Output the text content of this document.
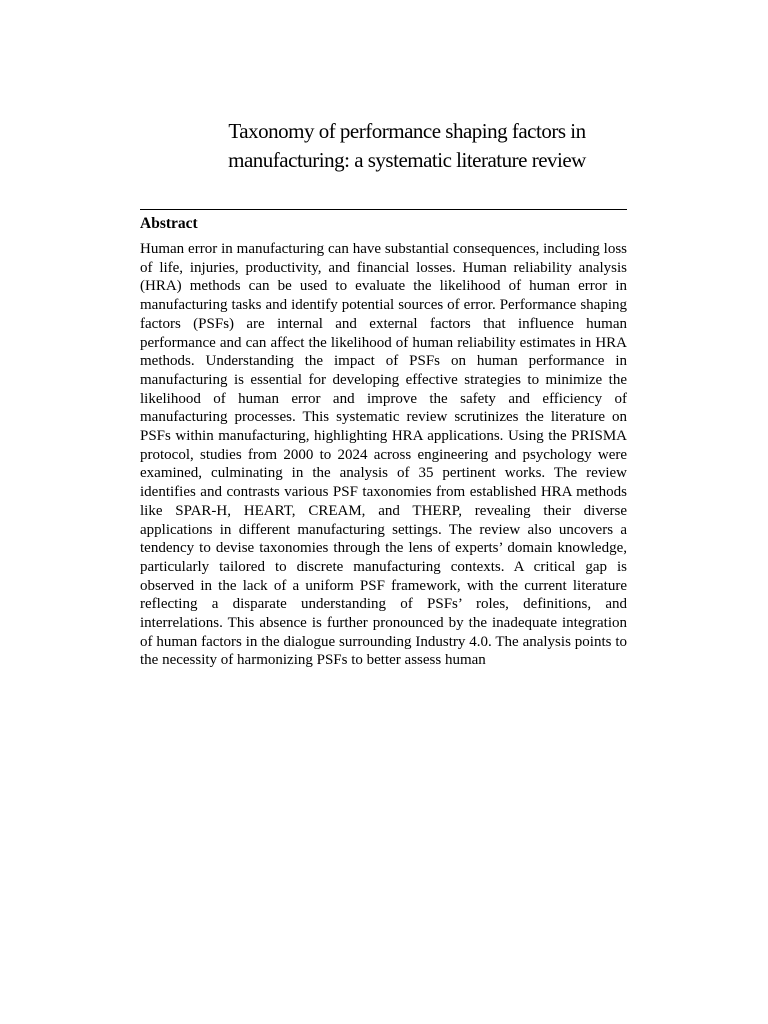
Taxonomy of performance shaping factors in
manufacturing: a systematic literature review
Abstract
Human error in manufacturing can have substantial consequences, including loss of life, injuries, productivity, and financial losses. Human reliability analysis (HRA) methods can be used to evaluate the likelihood of human error in manufacturing tasks and identify potential sources of error. Performance shaping factors (PSFs) are internal and external factors that influence human performance and can affect the likelihood of human reliability estimates in HRA methods. Understanding the impact of PSFs on human performance in manufacturing is essential for developing effective strategies to minimize the likelihood of human error and improve the safety and efficiency of manufacturing processes. This systematic review scrutinizes the literature on PSFs within manufacturing, highlighting HRA applications. Using the PRISMA protocol, studies from 2000 to 2024 across engineering and psychology were examined, culminating in the analysis of 35 pertinent works. The review identifies and contrasts various PSF taxonomies from established HRA methods like SPAR-H, HEART, CREAM, and THERP, revealing their diverse applications in different manufacturing settings. The review also uncovers a tendency to devise taxonomies through the lens of experts’ domain knowledge, particularly tailored to discrete manufacturing contexts. A critical gap is observed in the lack of a uniform PSF framework, with the current literature reflecting a disparate understanding of PSFs’ roles, definitions, and interrelations. This absence is further pronounced by the inadequate integration of human factors in the dialogue surrounding Industry 4.0. The analysis points to the necessity of harmonizing PSFs to better assess human
